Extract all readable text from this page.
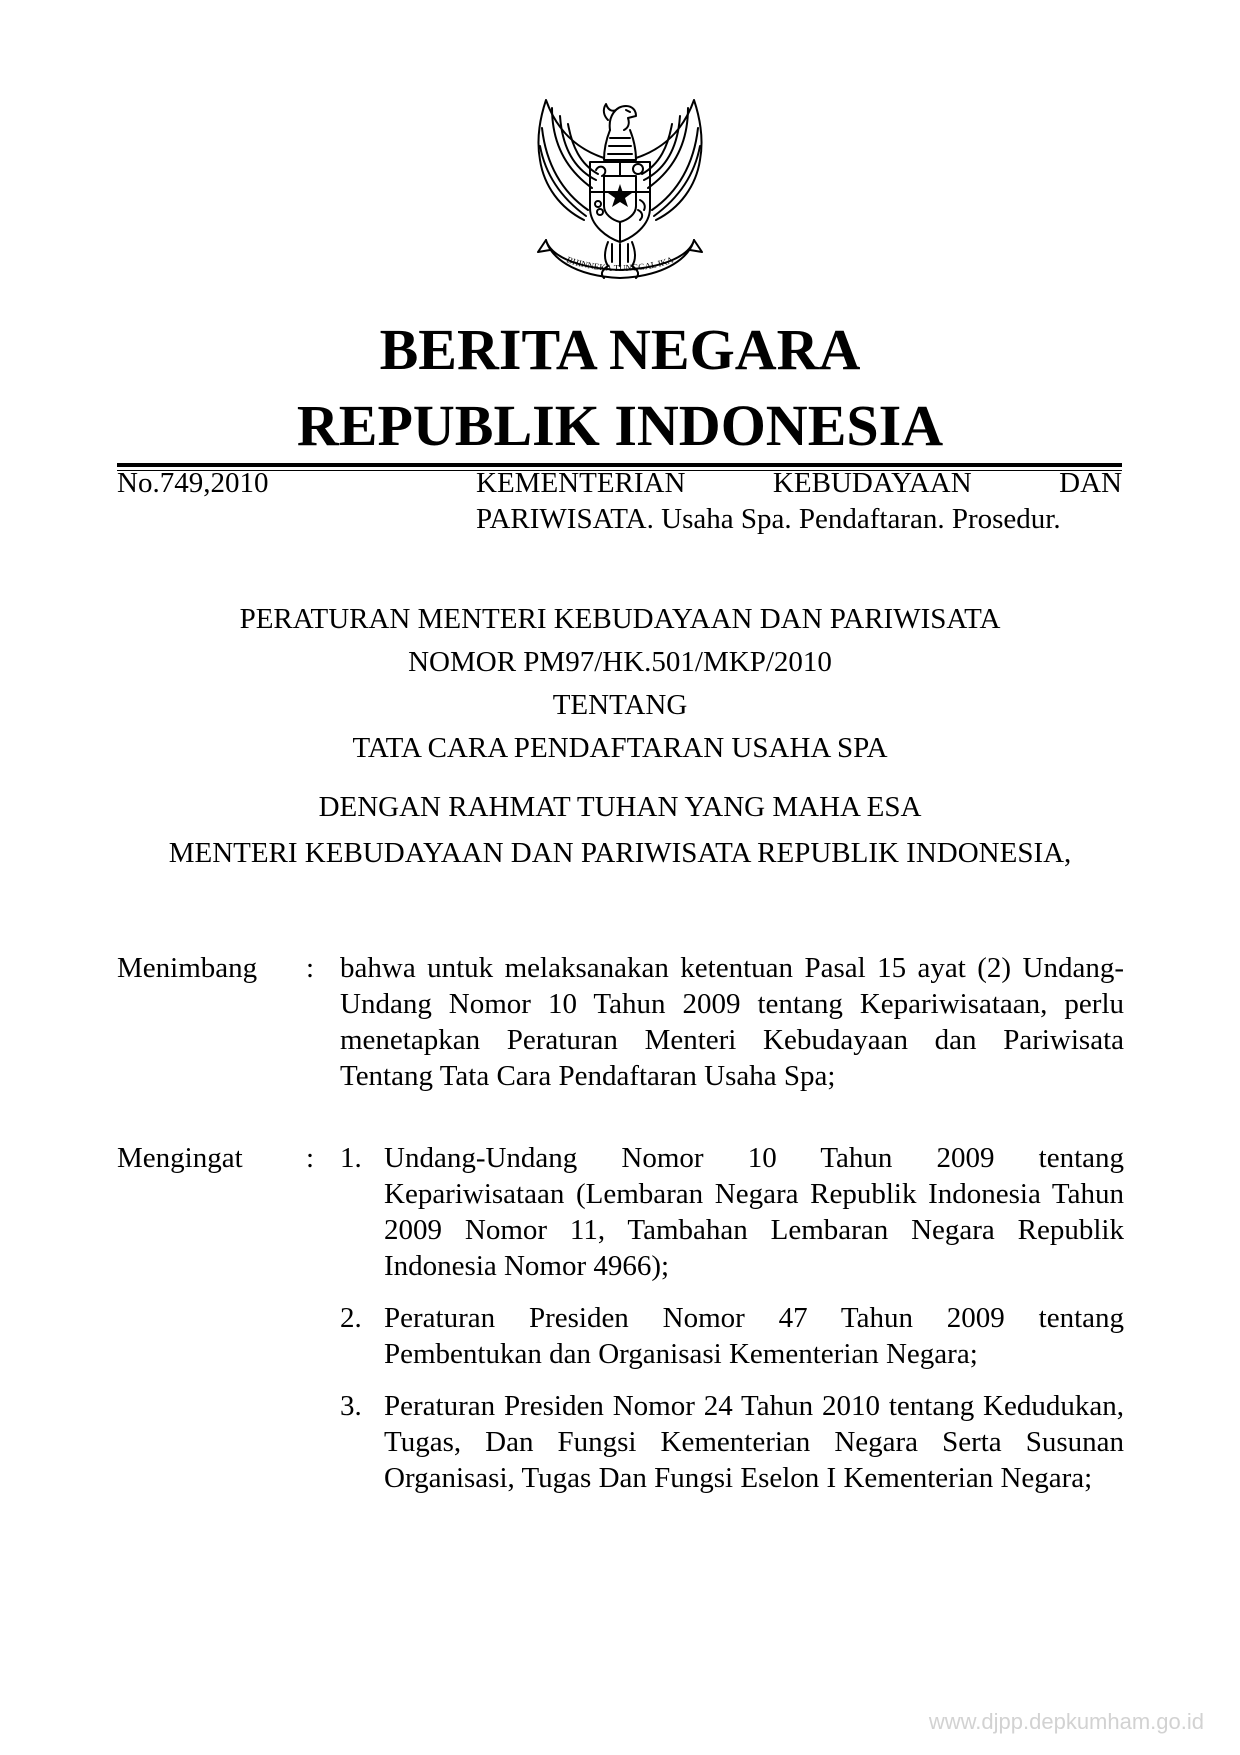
BHINNEKA TUNGGAL IKA
BERITA NEGARA
REPUBLIK INDONESIA
No.749,2010	KEMENTERIAN	KEBUDAYAAN	DAN
PARIWISATA. Usaha Spa. Pendaftaran. Prosedur.
PERATURAN MENTERI KEBUDAYAAN DAN PARIWISATA
NOMOR PM97/HK.501/MKP/2010
TENTANG
TATA CARA PENDAFTARAN USAHA SPA
DENGAN RAHMAT TUHAN YANG MAHA ESA
MENTERI KEBUDAYAAN DAN PARIWISATA REPUBLIK INDONESIA,
Menimbang : bahwa untuk melaksanakan ketentuan Pasal 15 ayat (2) Undang-Undang Nomor 10 Tahun 2009 tentang Kepariwisataan, perlu menetapkan Peraturan Menteri Kebudayaan dan Pariwisata Tentang Tata Cara Pendaftaran Usaha Spa;
Mengingat : 1. Undang-Undang Nomor 10 Tahun 2009 tentang Kepariwisataan (Lembaran Negara Republik Indonesia Tahun 2009 Nomor 11, Tambahan Lembaran Negara Republik Indonesia Nomor 4966);
2. Peraturan Presiden Nomor 47 Tahun 2009 tentang Pembentukan dan Organisasi Kementerian Negara;
3. Peraturan Presiden Nomor 24 Tahun 2010 tentang Kedudukan, Tugas, Dan Fungsi Kementerian Negara Serta Susunan Organisasi, Tugas Dan Fungsi Eselon I Kementerian Negara;
www.djpp.depkumham.go.id
